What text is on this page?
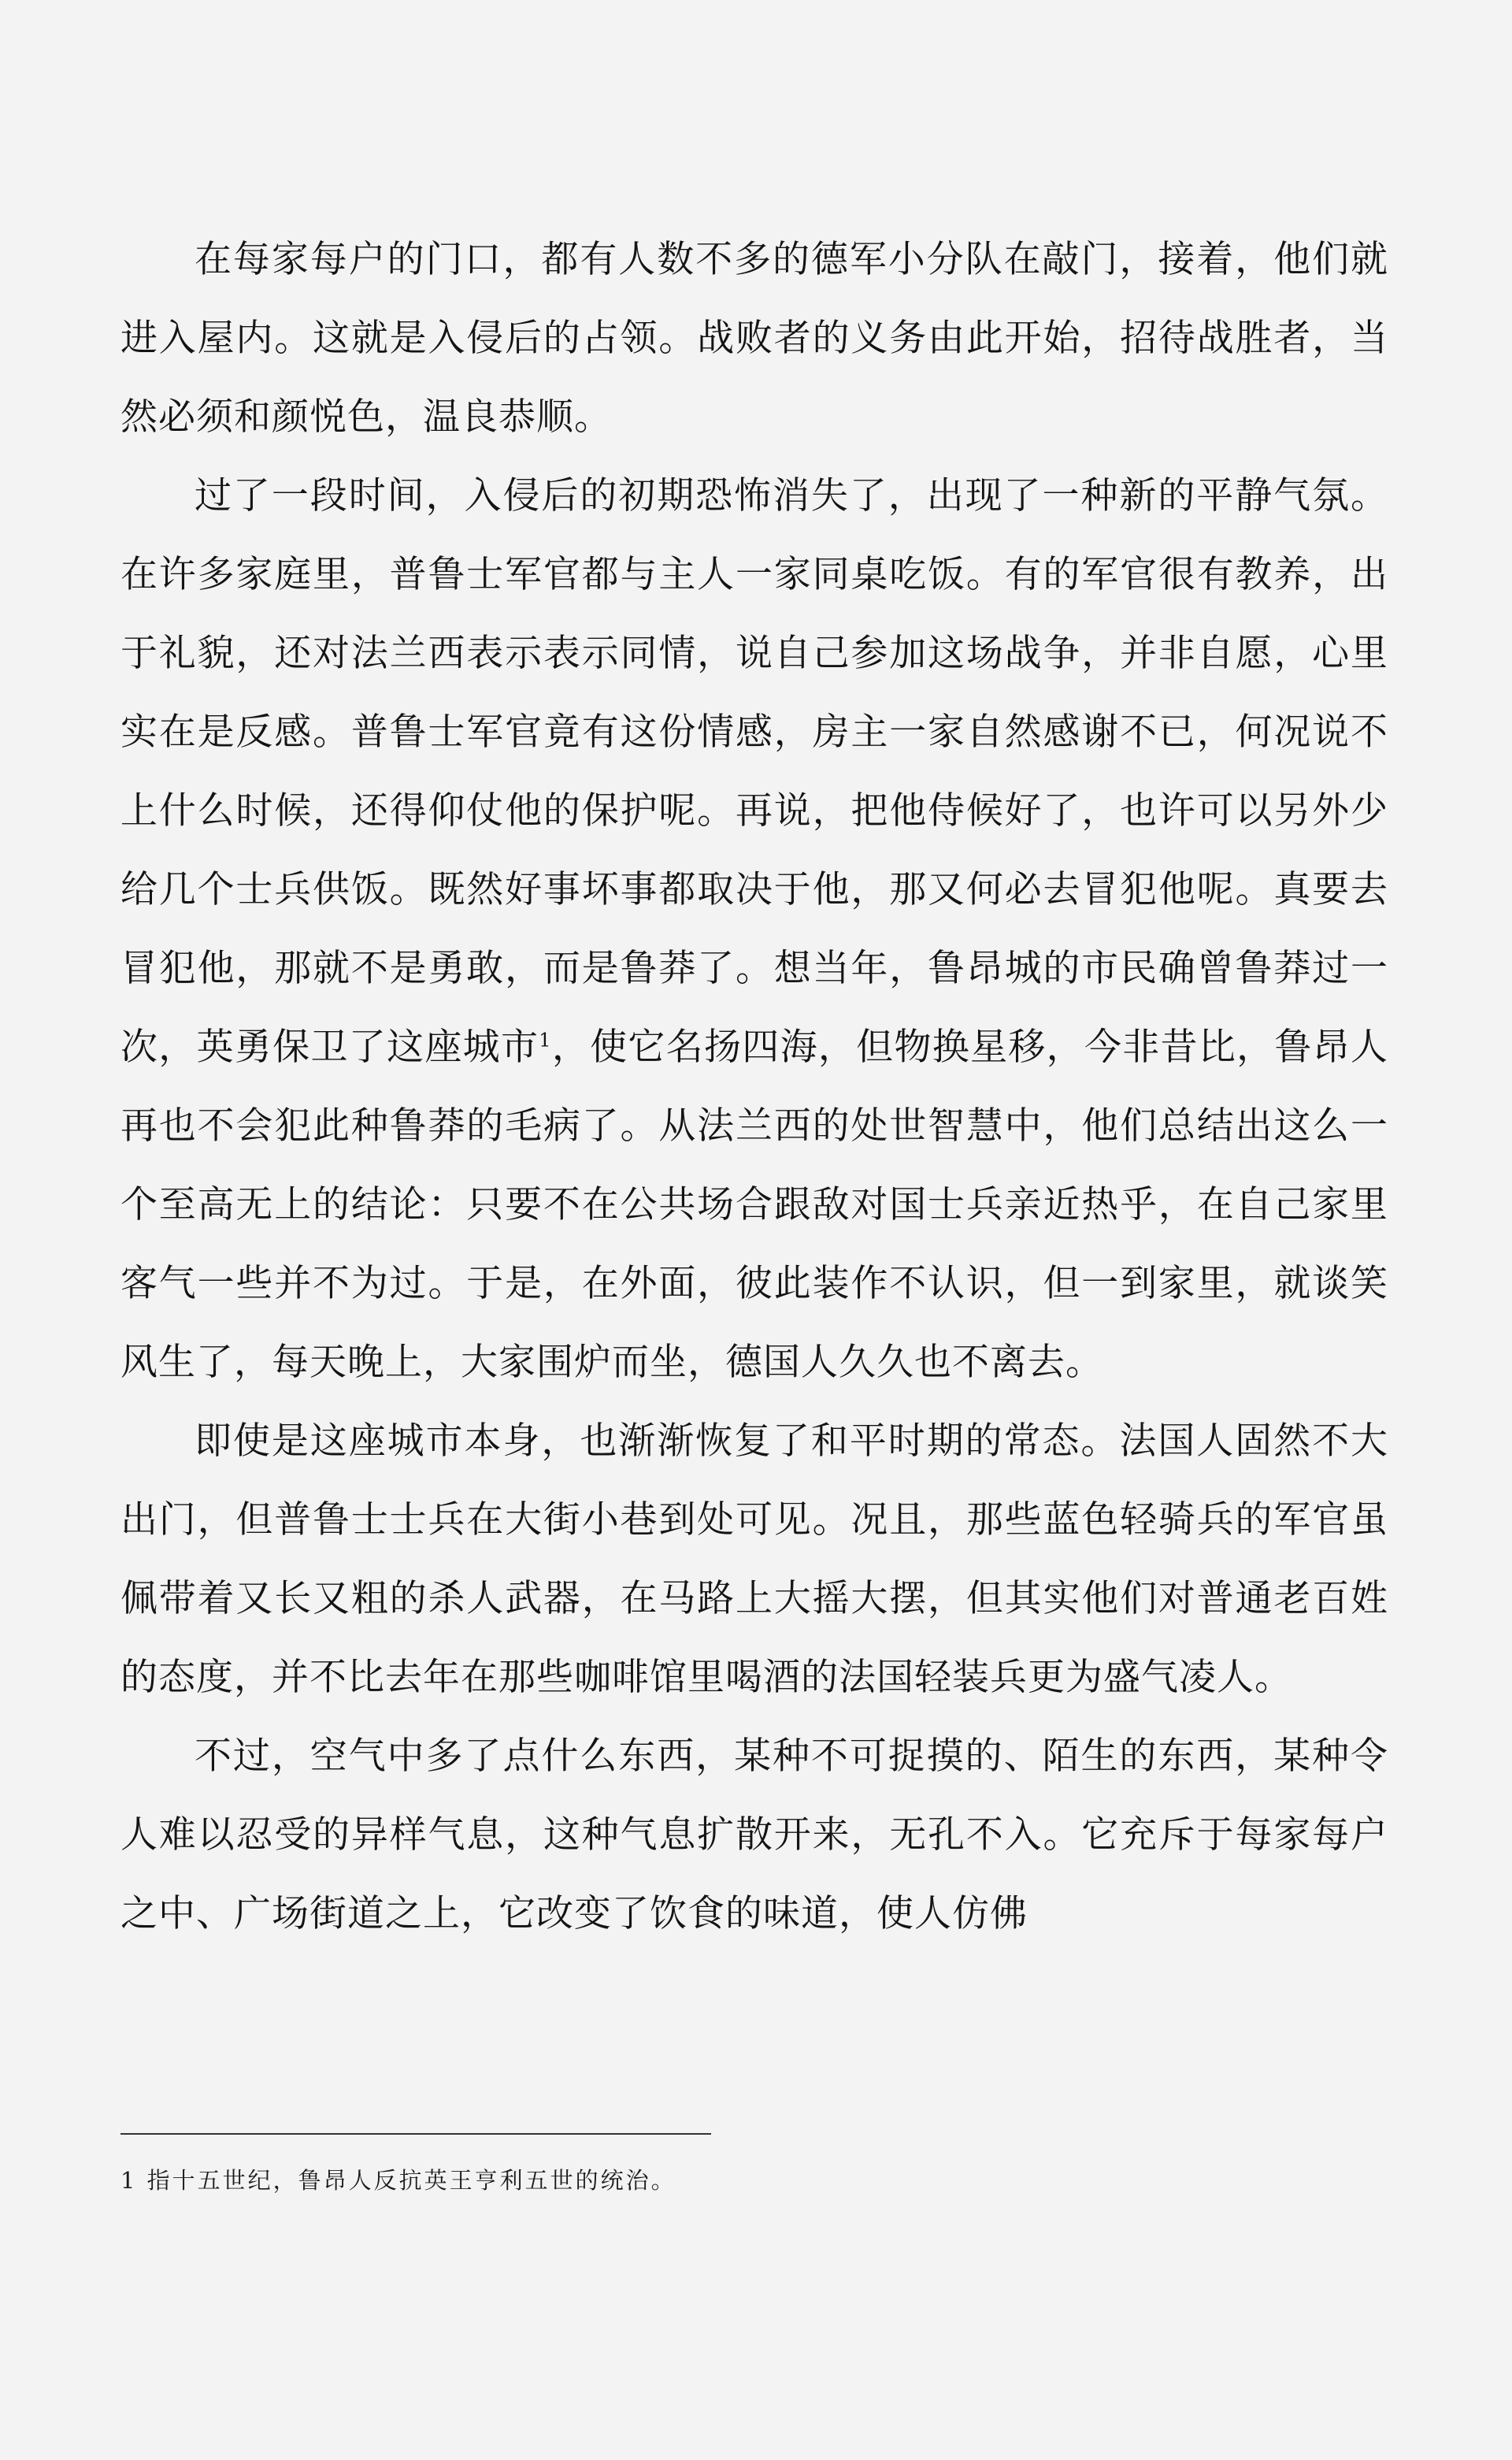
在每家每户的门口，都有人数不多的德军小分队在敲门，接着，他们就进入屋内。这就是入侵后的占领。战败者的义务由此开始，招待战胜者，当然必须和颜悦色，温良恭顺。

过了一段时间，入侵后的初期恐怖消失了，出现了一种新的平静气氛。在许多家庭里，普鲁士军官都与主人一家同桌吃饭。有的军官很有教养，出于礼貌，还对法兰西表示表示同情，说自己参加这场战争，并非自愿，心里实在是反感。普鲁士军官竟有这份情感，房主一家自然感谢不已，何况说不上什么时候，还得仰仗他的保护呢。再说，把他侍候好了，也许可以另外少给几个士兵供饭。既然好事坏事都取决于他，那又何必去冒犯他呢。真要去冒犯他，那就不是勇敢，而是鲁莽了。想当年，鲁昂城的市民确曾鲁莽过一次，英勇保卫了这座城市$^1$，使它名扬四海，但物换星移，今非昔比，鲁昂人再也不会犯此种鲁莽的毛病了。从法兰西的处世智慧中，他们总结出这么一个至高无上的结论：只要不在公共场合跟敌对国士兵亲近热乎，在自己家里客气一些并不为过。于是，在外面，彼此装作不认识，但一到家里，就谈笑风生了，每天晚上，大家围炉而坐，德国人久久也不离去。

即使是这座城市本身，也渐渐恢复了和平时期的常态。法国人固然不大出门，但普鲁士士兵在大街小巷到处可见。况且，那些蓝色轻骑兵的军官虽佩带着又长又粗的杀人武器，在马路上大摇大摆，但其实他们对普通老百姓的态度，并不比去年在那些咖啡馆里喝酒的法国轻装兵更为盛气凌人。

不过，空气中多了点什么东西，某种不可捉摸的、陌生的东西，某种令人难以忍受的异样气息，这种气息扩散开来，无孔不入。它充斥于每家每户之中、广场街道之上，它改变了饮食的味道，使人仿佛

1 指十五世纪，鲁昂人反抗英王亨利五世的统治。
